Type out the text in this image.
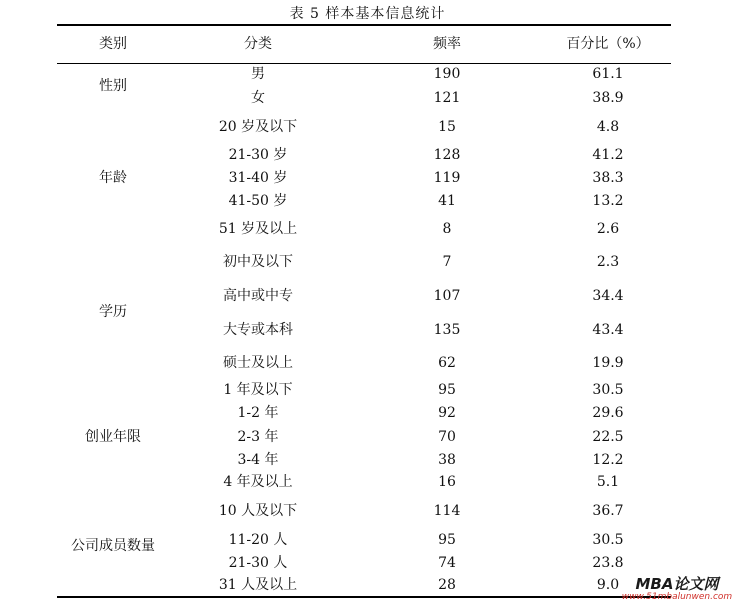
表 5 样本基本信息统计
类别	分类	频率	百分比（%）
性别
男	190	61.1
女	121	38.9
年龄
20 岁及以下	15	4.8
21-30 岁	128	41.2
31-40 岁	119	38.3
41-50 岁	41	13.2
51 岁及以上	8	2.6
学历
初中及以下	7	2.3
高中或中专	107	34.4
大专或本科	135	43.4
硕士及以上	62	19.9
创业年限
1 年及以下	95	30.5
1-2 年	92	29.6
2-3 年	70	22.5
3-4 年	38	12.2
4 年及以上	16	5.1
公司成员数量
10 人及以下	114	36.7
11-20 人	95	30.5
21-30 人	74	23.8
31 人及以上	28	9.0	MBA论文网
www.51mbalunwen.com
